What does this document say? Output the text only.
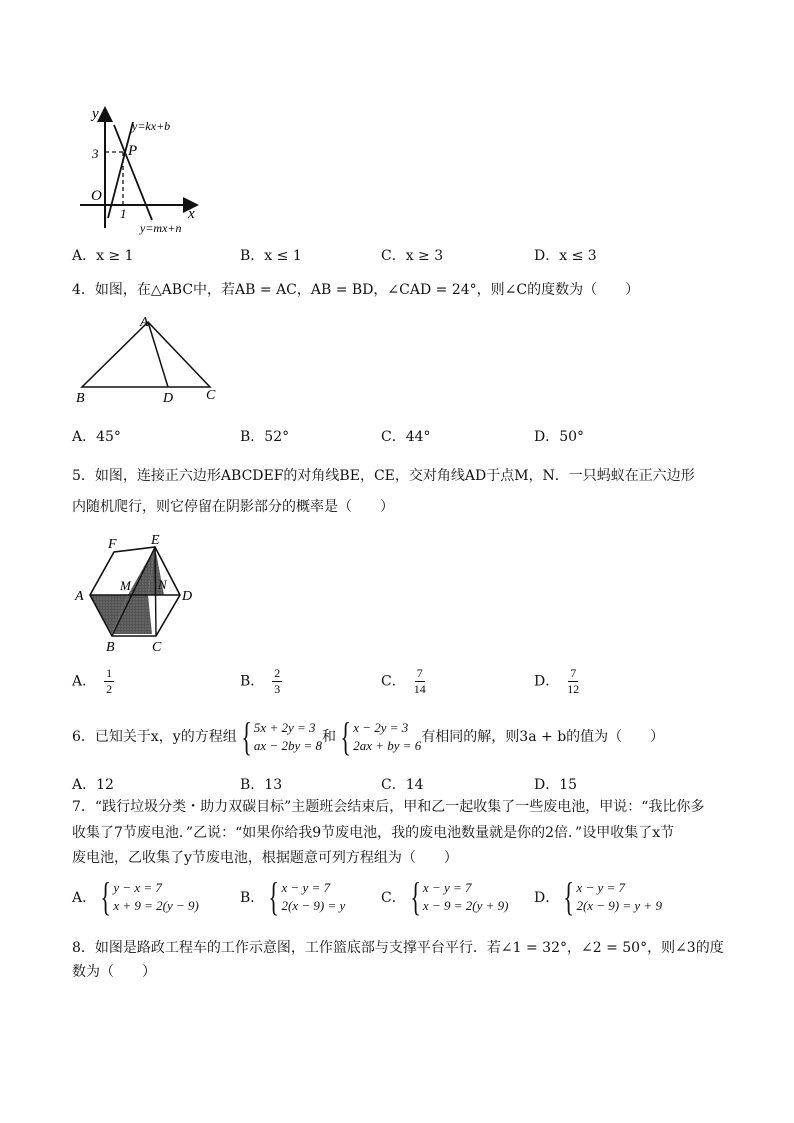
y
x
O
3
1
P
y=kx+b
y=mx+n
A．x ≥ 1	B．x ≤ 1	C．x ≥ 3	D．x ≤ 3
4．如图，在△ABC中，若AB = AC，AB = BD，∠CAD = 24°，则∠C的度数为（　　）
A
B	D C
A．45°	B．52°	C．44°	D．50°
5．如图，连接正六边形ABCDEF的对角线BE，CE，交对角线AD于点M，N．一只蚂蚁在正六边形
内随机爬行，则它停留在阴影部分的概率是（　　）
F E
A	D
B	C
M N
A． $\frac{1}{2}$	B． $\frac{2}{3}$	C． $\frac{7}{14}$	D． $\frac{7}{12}$
6．已知关于x，y的方程组 { 5x + 2y = 3
ax − 2by = 8
和 { x − 2y = 3
2ax + by = 6
有相同的解，则3a + b的值为（　　）
A．12	B．13	C．14	D．15
7．“践行垃圾分类・助力双碳目标”主题班会结束后，甲和乙一起收集了一些废电池，甲说：“我比你多
收集了7节废电池．”乙说：“如果你给我9节废电池，我的废电池数量就是你的2倍．”设甲收集了x节
废电池，乙收集了y节废电池，根据题意可列方程组为（　　）
A． { y − x = 7
x + 9 = 2(y − 9)	B． { x − y = 7
2(x − 9) = y	C． { x − y = 7
x − 9 = 2(y + 9) D． { x − y = 7
2(x − 9) = y + 9
8．如图是路政工程车的工作示意图，工作篮底部与支撑平台平行．若∠1 = 32°，∠2 = 50°，则∠3的度
数为（　　）
